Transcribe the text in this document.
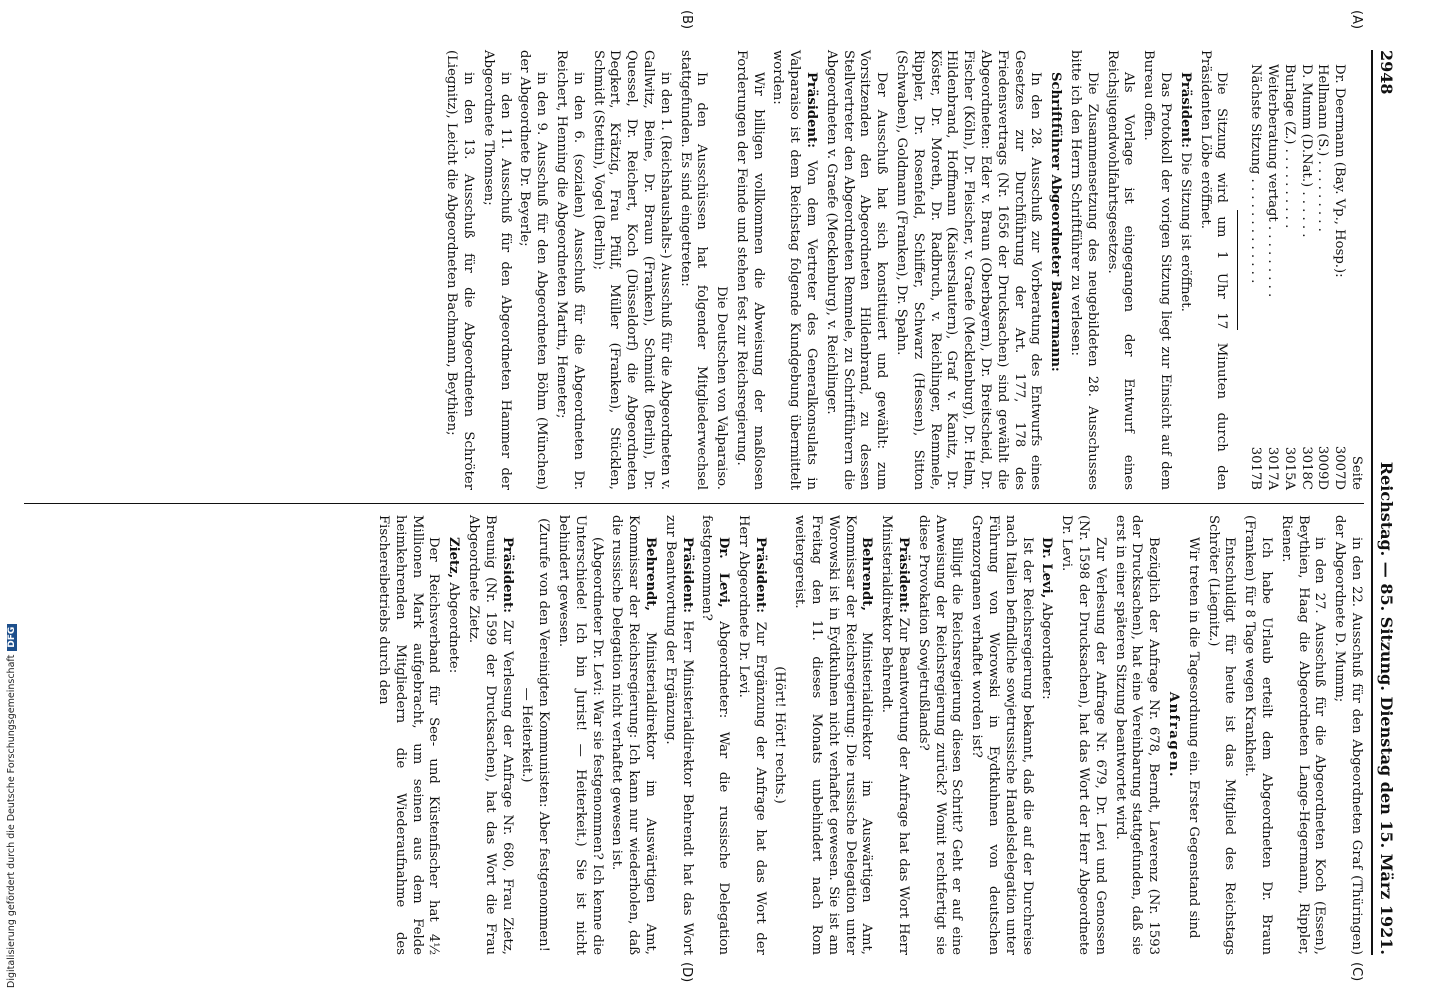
2948
Reichstag. — 85. Sitzung. Dienstag den 15. März 1921.
(A)
(B)
(C)
(D)
Seite
Dr. Deermann (Bay. Vp., Hosp.):
3007D
Hellmann (S.) . . . . . . . . .
3009D
D. Mumm (D.Nat.) . . . . . .
3018C
Burlage (Z.) . . . . . . . . . .
3015A
Weiterberatung vertagt . . . . . . . . .
3017A
Nächste Sitzung . . . . . . . . . . . . .
3017B

Die Sitzung wird um 1 Uhr 17 Minuten durch den Präsidenten Löbe eröffnet.

Präsident: Die Sitzung ist eröffnet.

Das Protokoll der vorigen Sitzung liegt zur Einsicht auf dem Bureau offen.

Als Vorlage ist eingegangen der Entwurf eines Reichsjugendwohlfahrtsgesetzes.

Die Zusammensetzung des neugebildeten 28. Ausschusses bitte ich den Herrn Schriftführer zu verlesen:

Schriftführer Abgeordneter Bauermann:

In den 28. Ausschuß zur Vorberatung des Entwurfs eines Gesetzes zur Durchführung der Art. 177, 178 des Friedensvertrags (Nr. 1656 der Drucksachen) sind gewählt die Abgeordneten: Eder v. Braun (Oberbayern), Dr. Breitscheid, Dr. Fischer (Köln), Dr. Fleischer, v. Graefe (Mecklenburg), Dr. Helm, Hildenbrand, Hoffmann (Kaiserslautern), Graf v. Kanitz, Dr. Köster, Dr. Moreth, Dr. Radbruch, v. Reichlinger, Remmele, Rippler, Dr. Rosenfeld, Schiffer, Schwarz (Hessen), Sitton (Schwaben), Goldmann (Franken), Dr. Spahn.

Der Ausschuß hat sich konstituiert und gewählt: zum Vorsitzenden den Abgeordneten Hildenbrand, zu dessen Stellvertreter den Abgeordneten Remmele, zu Schriftführern die Abgeordneten v. Graefe (Mecklenburg), v. Reichlinger.

Präsident: Von dem Vertreter des Generalkonsulats in Valparaiso ist dem Reichstag folgende Kundgebung übermittelt worden:

Wir billigen vollkommen die Abweisung der maßlosen Forderungen der Feinde und stehen fest zur Reichsregierung.

Die Deutschen von Valparaiso.

In den Ausschüssen hat folgender Mitgliederwechsel stattgefunden. Es sind eingetreten:

in den 1. (Reichshaushalts-) Ausschuß für die Abgeordneten v. Gallwitz, Beine, Dr. Braun (Franken), Schmidt (Berlin), Dr. Quessel, Dr. Reichert, Koch (Düsseldorf) die Abgeordneten Degkert, Krätzig, Frau Pfülf, Müller (Franken), Stücklen, Schmidt (Stettin), Vogel (Berlin);

in den 6. (sozialen) Ausschuß für die Abgeordneten Dr. Reichert, Henning die Abgeordneten Martin, Hemeter;

in den 9. Ausschuß für den Abgeordneten Böhm (München) der Abgeordnete Dr. Beyerle;

in den 11. Ausschuß für den Abgeordneten Hammer der Abgeordnete Thomsen;

in den 13. Ausschuß für die Abgeordneten Schröter (Liegnitz), Leicht die Abgeordneten Bachmann, Beythien;

in den 22. Ausschuß für den Abgeordneten Graf (Thüringen) der Abgeordnete D. Mumm;

in den 27. Ausschuß für die Abgeordneten Koch (Essen), Beythien, Haag die Abgeordneten Lange-Hegermann, Rippler, Riener.

Ich habe Urlaub erteilt dem Abgeordneten Dr. Braun (Franken) für 8 Tage wegen Krankheit.

Entschuldigt für heute ist das Mitglied des Reichstags Schröter (Liegnitz.)

Wir treten in die Tagesordnung ein. Erster Gegenstand sind

Anfragen.

Bezüglich der Anfrage Nr. 678, Berndt, Laverenz (Nr. 1593 der Drucksachen), hat eine Vereinbarung stattgefunden, daß sie erst in einer späteren Sitzung beantwortet wird.

Zur Verlesung der Anfrage Nr. 679, Dr. Levi und Genossen (Nr. 1598 der Drucksachen), hat das Wort der Herr Abgeordnete Dr. Levi.

Dr. Levi, Abgeordneter:

Ist der Reichsregierung bekannt, daß die auf der Durchreise nach Italien befindliche sowjetrussische Handelsdelegation unter Führung von Worowski in Eydtkuhnen von deutschen Grenzorganen verhaftet worden ist?

Billigt die Reichsregierung diesen Schritt? Geht er auf eine Anweisung der Reichsregierung zurück? Womit rechtfertigt sie diese Provokation Sowjetrußlands?

Präsident: Zur Beantwortung der Anfrage hat das Wort Herr Ministerialdirektor Behrendt.

Behrendt, Ministerialdirektor im Auswärtigen Amt, Kommissar der Reichsregierung: Die russische Delegation unter Worowski ist in Eydtkuhnen nicht verhaftet gewesen. Sie ist am Freitag den 11. dieses Monats unbehindert nach Rom weitergereist.

(Hört! Hört! rechts.)

Präsident: Zur Ergänzung der Anfrage hat das Wort der Herr Abgeordnete Dr. Levi.

Dr. Levi, Abgeordneter: War die russische Delegation festgenommen?

Präsident: Herr Ministerialdirektor Behrendt hat das Wort zur Beantwortung der Ergänzung.

Behrendt, Ministerialdirektor im Auswärtigen Amt, Kommissar der Reichsregierung: Ich kann nur wiederholen, daß die russische Delegation nicht verhaftet gewesen ist.

(Abgeordneter Dr. Levi: War sie festgenommen? Ich kenne die Unterschiede! Ich bin Jurist! — Heiterkeit.) Sie ist nicht behindert gewesen.

(Zurufe von den Vereinigten Kommunisten: Aber festgenommen! — Heiterkeit.)

Präsident: Zur Verlesung der Anfrage Nr. 680, Frau Zietz, Breunig (Nr. 1599 der Drucksachen), hat das Wort die Frau Abgeordnete Zietz.

Zietz, Abgeordnete:

Der Reichsverband für See- und Küstenfischer hat 4½ Millionen Mark aufgebracht, um seinen aus dem Felde heimkehrenden Mitgliedern die Wiederaufnahme des Fischereibetriebs durch den

Digitalisierung gefördert durch die Deutsche ForschungsgemeinschaftDFG
